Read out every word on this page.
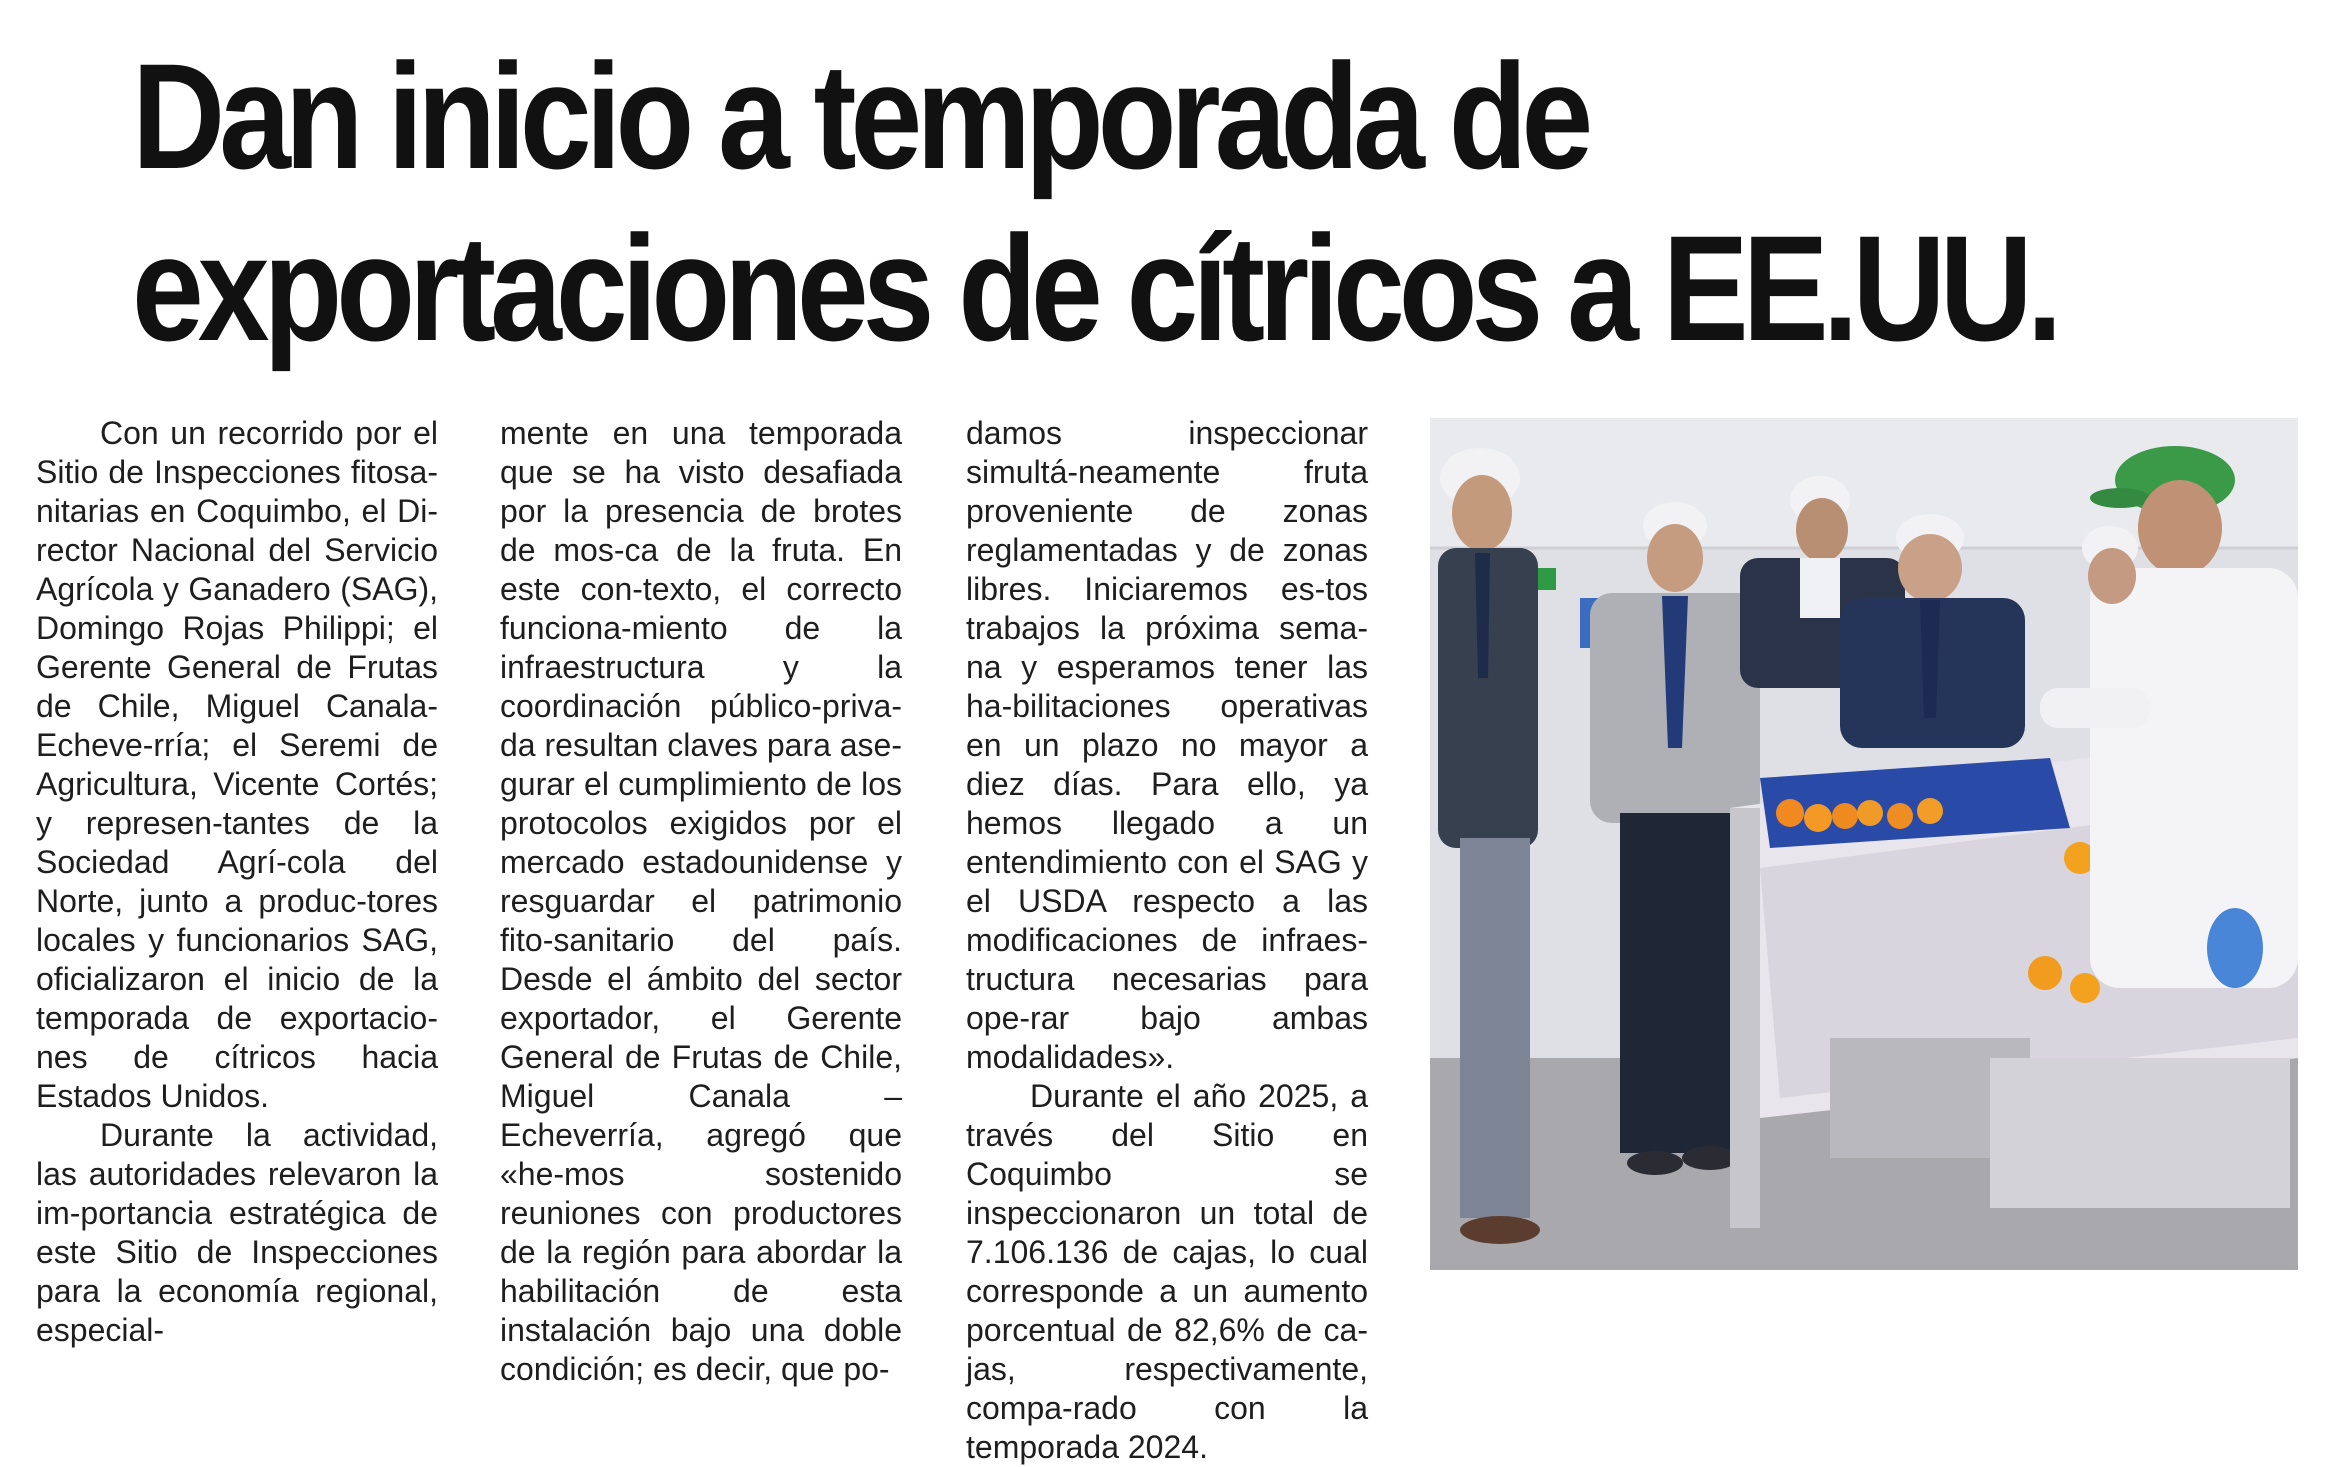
Dan inicio a temporada de
exportaciones de cítricos a EE.UU.

Con un recorrido por el Sitio de Inspecciones fitosa-nitarias en Coquimbo, el Di-rector Nacional del Servicio Agrícola y Ganadero (SAG), Domingo Rojas Philippi; el Gerente General de Frutas de Chile, Miguel Canala-Echeve-rría; el Seremi de Agricultura, Vicente Cortés; y represen-tantes de la Sociedad Agrí-cola del Norte, junto a produc-tores locales y funcionarios SAG, oficializaron el inicio de la temporada de exportacio-nes de cítricos hacia Estados Unidos.

Durante la actividad, las autoridades relevaron la im-portancia estratégica de este Sitio de Inspecciones para la economía regional, especial-

mente en una temporada que se ha visto desafiada por la presencia de brotes de mos-ca de la fruta. En este con-texto, el correcto funciona-miento de la infraestructura y la coordinación público-priva-da resultan claves para ase-gurar el cumplimiento de los protocolos exigidos por el mercado estadounidense y resguardar el patrimonio fito-sanitario del país. Desde el ámbito del sector exportador, el Gerente General de Frutas de Chile, Miguel Canala – Echeverría, agregó que «he-mos sostenido reuniones con productores de la región para abordar la habilitación de esta instalación bajo una doble condición; es decir, que po-

damos inspeccionar simultá-neamente fruta proveniente de zonas reglamentadas y de zonas libres. Iniciaremos es-tos trabajos la próxima sema-na y esperamos tener las ha-bilitaciones operativas en un plazo no mayor a diez días. Para ello, ya hemos llegado a un entendimiento con el SAG y el USDA respecto a las modificaciones de infraes-tructura necesarias para ope-rar bajo ambas modalidades».

Durante el año 2025, a través del Sitio en Coquimbo se inspeccionaron un total de 7.106.136 de cajas, lo cual corresponde a un aumento porcentual de 82,6% de ca-jas, respectivamente, compa-rado con la temporada 2024.
